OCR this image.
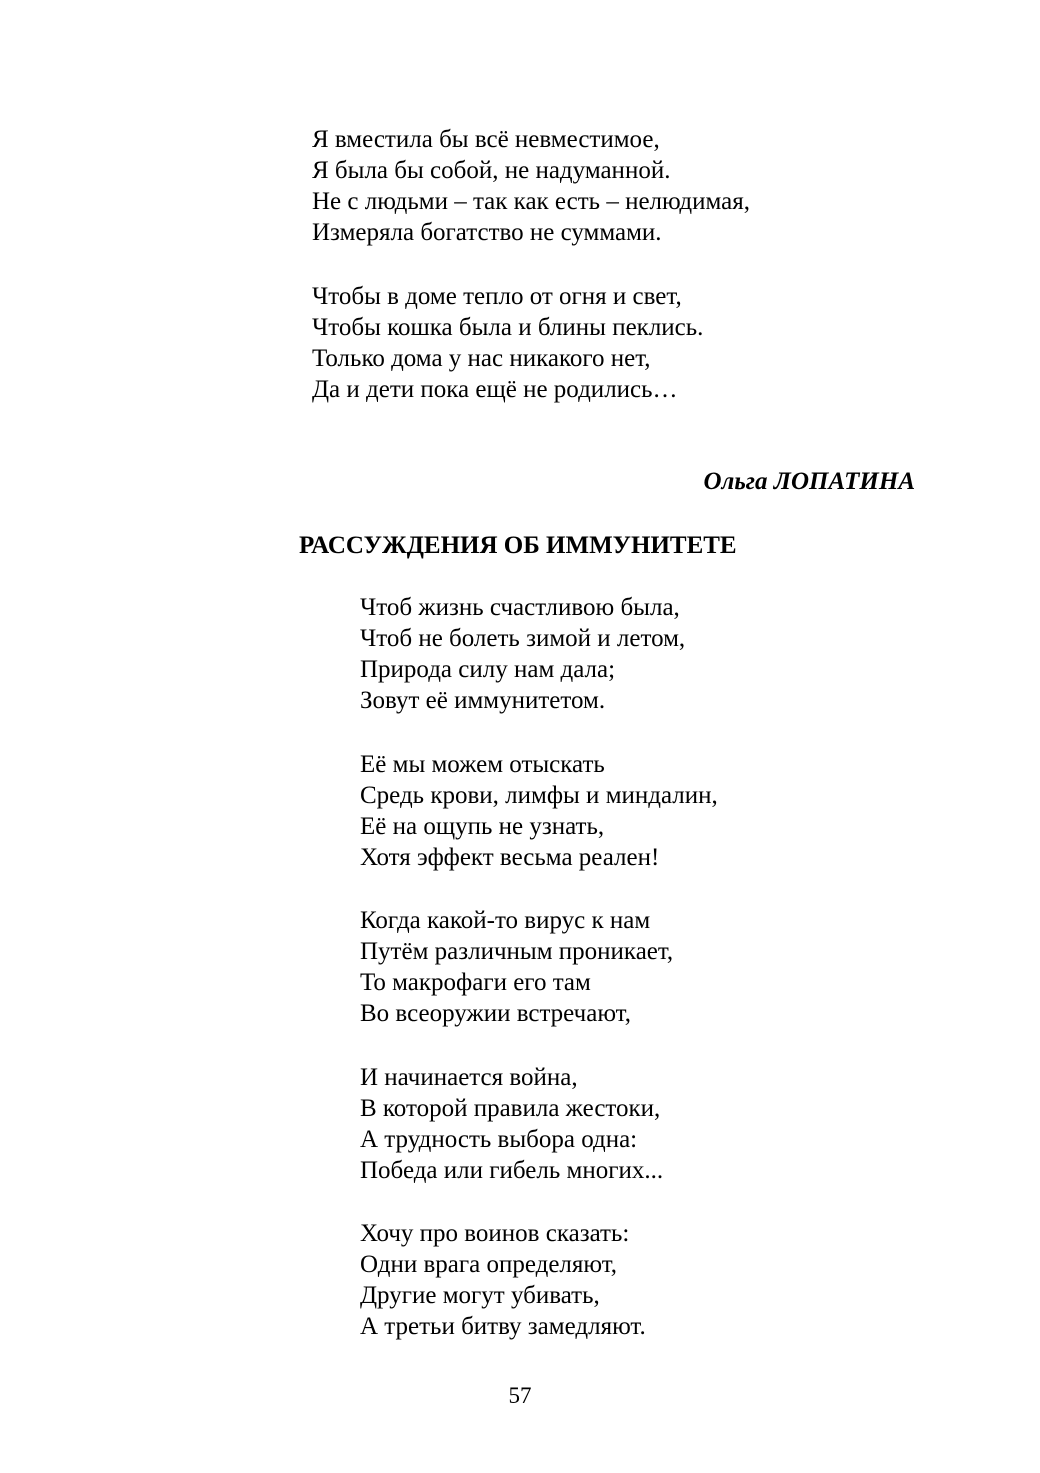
Я вместила бы всё невместимое,
Я была бы собой, не надуманной.
Не с людьми – так как есть – нелюдимая,
Измеряла богатство не суммами.
Чтобы в доме тепло от огня и свет,
Чтобы кошка была и блины пеклись.
Только дома у нас никакого нет,
Да и дети пока ещё не родились…
Ольга ЛОПАТИНА
РАССУЖДЕНИЯ ОБ ИММУНИТЕТЕ
Чтоб жизнь счастливою была,
Чтоб не болеть зимой и летом,
Природа силу нам дала;
Зовут её иммунитетом.
Её мы можем отыскать
Средь крови, лимфы и миндалин,
Её на ощупь не узнать,
Хотя эффект весьма реален!
Когда какой-то вирус к нам
Путём различным проникает,
То макрофаги его там
Во всеоружии встречают,
И начинается война,
В которой правила жестоки,
А трудность выбора одна:
Победа или гибель многих...
Хочу про воинов сказать:
Одни врага определяют,
Другие могут убивать,
А третьи битву замедляют.
57
